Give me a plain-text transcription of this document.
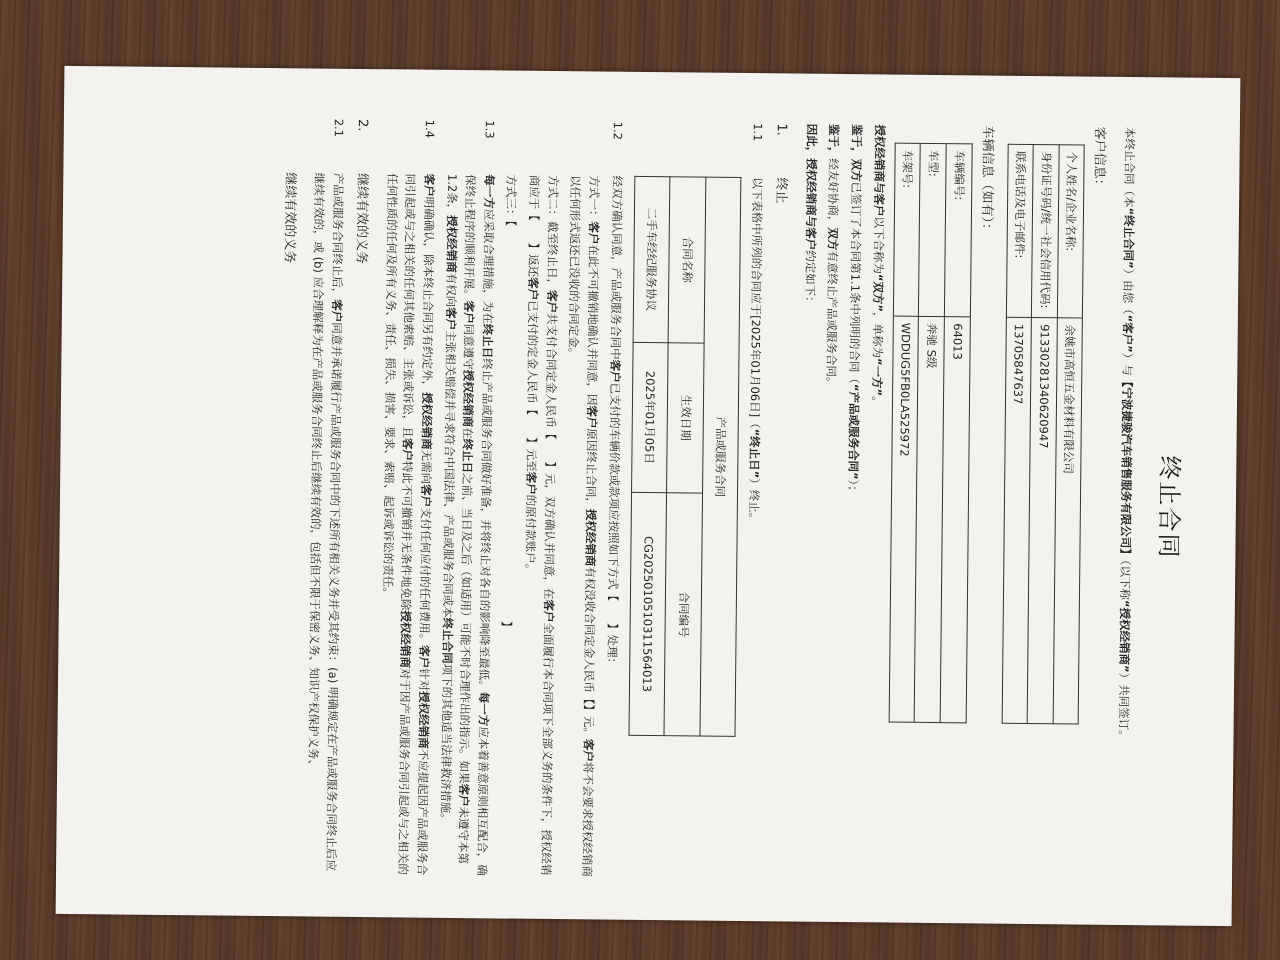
终止合同

本终止合同（本“终止合同”）由您（“客户”）与【宁波捷骏汽车销售服务有限公司】（以下称“授权经销商”）共同签订。

客户信息：

个人姓名/企业名称:	余姚市高恒五金材料有限公司
身份证号码/统一社会信用代码:	91330281340620947
联系电话及电子邮件:	13705847637

车辆信息（如有）：

车辆编号:	64013
车型:	奔驰 S级
车架号:	WDDUG5FB0LA525972

授权经销商与客户以下合称为“双方”，单称为“一方”。

鉴于，双方已签订了本合同第1.1条中列明的合同（“产品或服务合同”）；

鉴于，经友好协商，双方有意终止产品或服务合同。

因此，授权经销商与客户约定如下：

1.
终止
1.1
以下表格中所列的合同应于[2025年01月06日]（“终止日”）终止。
产品或服务合同		
合同名称	生效日期	合同编号
二手车经纪服务协议	2025年01月05日	CG2025010510311564013
1.2
经双方确认同意，产品或服务合同中客户已支付的车辆价款或款项应按照如下方式【      】处理：

方式一：客户在此不可撤销地确认并同意，因客户原因终止合同，授权经销商有权没收合同定金人民币【】元。客户将不会要求授权经销商以任何形式返还已没收的合同定金。

方式二：截至终止日，客户共支付合同定金人民币【      】元，双方确认并同意，在客户全面履行本合同项下全部义务的条件下，授权经销商应于【      】返还客户已支付的定金人民币【      】元至客户的原付款账户。

方式三：【                                                                                                            】

1.3
每一方应采取合理措施，为在终止日终止产品或服务合同做好准备，并将终止对各自的影响降至最低。每一方应本着善意原则相互配合，确保终止程序的顺利开展。客户同意遵守授权经销商在终止日之前、当日及之后（如适用）可能不时合理作出的指示。如果客户未遵守本第1.2条，授权经销商有权向客户主张相关赔偿并寻求符合中国法律、产品或服务合同或本终止合同项下的其他适当法律救济措施。
1.4
客户明确确认，除本终止合同另有约定外，授权经销商无需向客户支付任何应付的任何费用。客户针对授权经销商不应提起因产品或服务合同引起或与之相关的任何其他索赔、主张或诉讼，且客户特此不可撤销并无条件地免除授权经销商对于因产品或服务合同引起或与之相关的任何性质的任何及所有义务、责任、损失、损害、要求、索赔、起诉或诉讼的责任。
2.
继续有效的义务
2.1
产品或服务合同终止后，客户同意并承诺履行产品或服务合同中的下述所有相关义务并受其约束：(a) 明确规定在产品或服务合同终止后应继续有效的，或 (b) 应合理解释为在产品或服务合同终止后继续有效的，包括但不限于保密义务、知识产权保护义务、

继续有效的义务
